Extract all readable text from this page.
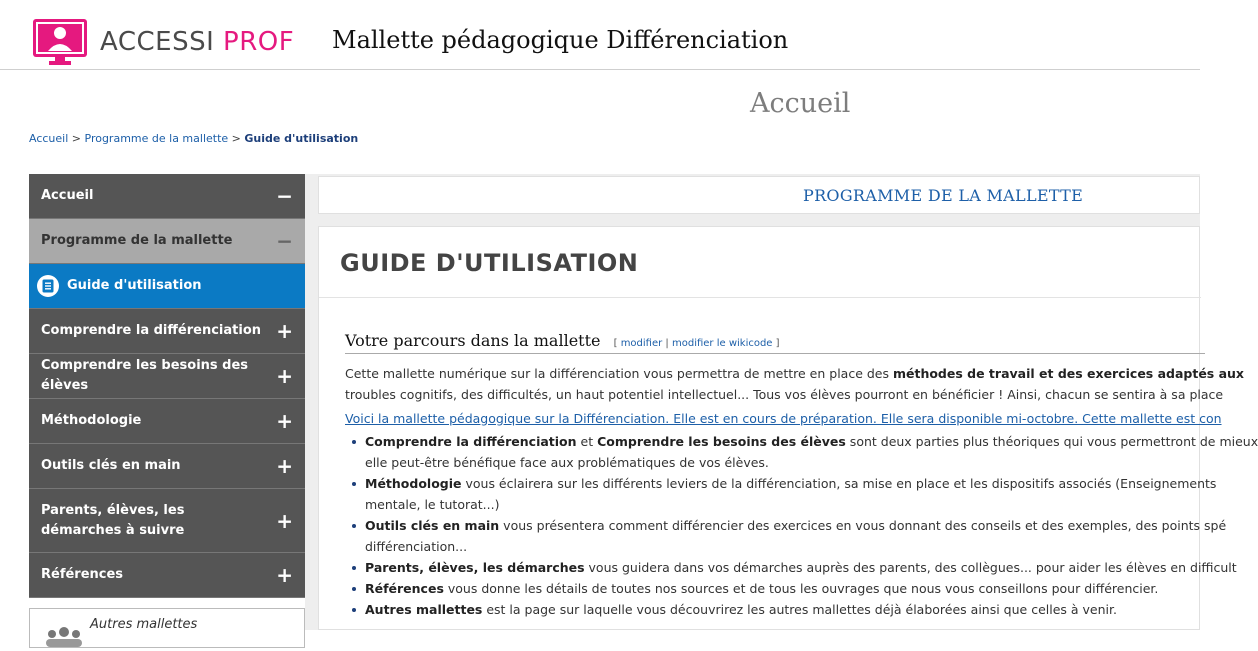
ACCESSI PROF Mallette pédagogique Différenciation
Accueil
Accueil > Programme de la mallette > Guide d'utilisation
Accueil	−
Programme de la mallette −
Guide d'utilisation
Comprendre la différenciation +
Comprendre les besoins des élèves	+
Méthodologie	+
Outils clés en main	+
Parents, élèves, les démarches à suivre	+
Références	+
Autres mallettes
PROGRAMME DE LA MALLETTE
GUIDE D'UTILISATION
Votre parcours dans la mallette [ modifier | modifier le wikicode ]
Cette mallette numérique sur la différenciation vous permettra de mettre en place des méthodes de travail et des exercices adaptés aux
troubles cognitifs, des difficultés, un haut potentiel intellectuel... Tous vos élèves pourront en bénéficier ! Ainsi, chacun se sentira à sa place
Voici la mallette pédagogique sur la Différenciation. Elle est en cours de préparation. Elle sera disponible mi-octobre. Cette mallette est con
Comprendre la différenciation et Comprendre les besoins des élèves sont deux parties plus théoriques qui vous permettront de mieux
elle peut-être bénéfique face aux problématiques de vos élèves.
Méthodologie vous éclairera sur les différents leviers de la différenciation, sa mise en place et les dispositifs associés (Enseignements
mentale, le tutorat...)
Outils clés en main vous présentera comment différencier des exercices en vous donnant des conseils et des exemples, des points spé
différenciation...
Parents, élèves, les démarches vous guidera dans vos démarches auprès des parents, des collègues... pour aider les élèves en difficult
Références vous donne les détails de toutes nos sources et de tous les ouvrages que nous vous conseillons pour différencier.
Autres mallettes est la page sur laquelle vous découvrirez les autres mallettes déjà élaborées ainsi que celles à venir.
